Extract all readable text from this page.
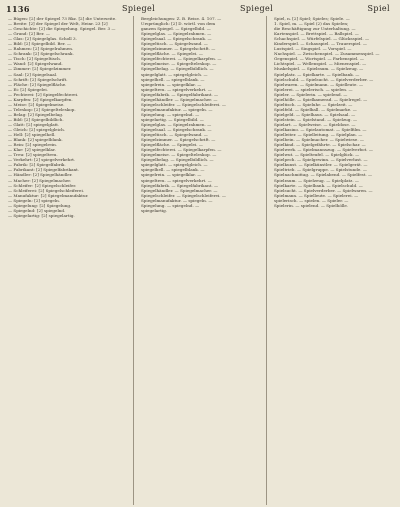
1136	Spiegel	Spiegel	Spiel

— Bügen: [2] der Spiegel 73 Rkz. [2] die Unterseite.

— Breite: [2] der Spiegel der Welt, Heinr. 23 [2]

— Geschichte: [2] die Spiegelung. Spiegel. Ber. 3 —

— Grund: [2] Ber. —

— Glas: [2] Spiegelglas. Scholl 3.

— Bild: [2] Spiegelbild. Ber. —

— Rahmen: [2] Spiegelrahmen.

— Schrank: [2] Spiegelschrank.

— Tisch: [2] Spiegeltisch.

— Wand: [2] Spiegelwand.

— Zimmer: [2] Spiegelzimmer.

— Saal: [2] Spiegelsaal.

— Schrift: [2] Spiegelschrift.

— Fläche: [2] Spiegelfläche.

— Ei: [2] Spiegelei.

— Fechterei: [2] Spiegelfechterei.

— Karpfen: [2] Spiegelkarpfen.

— Meise: [2] Spiegelmeise.

— Teleskop: [2] Spiegelteleskop.

— Belag: [2] Spiegelbelag.

— Bild: [2] Spiegelbildlich.

— Glatt: [2] spiegelglatt.

— Gleich: [2] spiegelgleich.

— Hell: [2] spiegelhell.

— Blank: [2] spiegelblank.

— Rein: [2] spiegelrein.

— Klar: [2] spiegelklar.

— Treu: [2] spiegeltreu.

— Verkehrt: [2] spiegelverkehrt.

— Fabrik: [2] Spiegelfabrik.

— Fabrikant: [2] Spiegelfabrikant.

— Händler: [2] Spiegelhändler.

— Macher: [2] Spiegelmacher.

— Schleifer: [2] Spiegelschleifer.

— Schleiferei: [2] Spiegelschleiferei.

— Manufaktur: [2] Spiegelmanufaktur.

— Spiegeln: [2] spiegeln.

— Spiegelung: [2] Spiegelung.

— Spiegelnd: [2] spiegelnd.

— Spiegelartig: [2] spiegelartig.

Bergleichungen: Z. B. Reise. 4. 107. —

Ursprünglich: [2] D. wörtl. von dem

ganzen Spiegel. — Spiegelbild. —

Spiegelglas. — Spiegelrahmen. —

Spiegelsaal. — Spiegelschrank. —

Spiegeltisch. — Spiegelwand. —

Spiegelzimmer. — Spiegelschrift. —

Spiegelfläche. — Spiegelei. —

Spiegelfechterei. — Spiegelkarpfen. —

Spiegelmeise. — Spiegelteleskop. —

Spiegelbelag. — Spiegelbildlich. —

spiegelglatt. — spiegelgleich. —

spiegelhell. — spiegelblank. —

spiegelrein. — spiegelklar. —

spiegeltreu. — spiegelverkehrt. —

Spiegelfabrik. — Spiegelfabrikant. —

Spiegelhändler. — Spiegelmacher. —

Spiegelschleifer. — Spiegelschleiferei. —

Spiegelmanufaktur. — spiegeln. —

Spiegelung. — spiegelnd. —

spiegelartig. — Spiegelbild. —

Spiegelglas. — Spiegelrahmen. —

Spiegelsaal. — Spiegelschrank. —

Spiegeltisch. — Spiegelwand. —

Spiegelzimmer. — Spiegelschrift. —

Spiegelfläche. — Spiegelei. —

Spiegelfechterei. — Spiegelkarpfen. —

Spiegelmeise. — Spiegelteleskop. —

Spiegelbelag. — Spiegelbildlich. —

spiegelglatt. — spiegelgleich. —

spiegelhell. — spiegelblank. —

spiegelrein. — spiegelklar. —

spiegeltreu. — spiegelverkehrt. —

Spiegelfabrik. — Spiegelfabrikant. —

Spiegelhändler. — Spiegelmacher. —

Spiegelschleifer. — Spiegelschleiferei. —

Spiegelmanufaktur. — spiegeln. —

Spiegelung. — spiegelnd. —

spiegelartig.

Spiel, n. [2] Spiel; Spieles; Spiele. —

1. Spiel, m. — Spiel (2) das Spielen;

die Beschäftigung zur Unterhaltung. —

Kartenspiel. — Brettspiel. — Ballspiel. —

Schachspiel. — Würfelspiel. — Glücksspiel. —

Kinderspiel. — Schauspiel. — Trauerspiel. —

Lustspiel. — Singspiel. — Vorspiel. —

Nachspiel. — Zwischenspiel. — Zusammenspiel. —

Gegenspiel. — Wortspiel. — Farbenspiel. —

Lichtspiel. — Wellenspiel. — Mienenspiel. —

Muskelspiel. — Spielraum. — Spielzeug. —

Spielplatz. — Spielkarte. — Spielbank. —

Spielschuld. — Spielsucht. — Spielverderber. —

Spielwaren. — Spielmann. — Spielleute. —

Spielerei. — spielerisch. — spielen. —

Spieler. — Spielerin. — spielend. —

Spielhölle. — Spielkamerad. — Spielregel. —

Spieltisch. — Spieluhr. — Spielzeit. —

Spielfeld. — Spielball. — Spielmarke. —

Spielgeld. — Spielhaus. — Spielsaal. —

Spielstein. — Spielstand. — Spielzug. —

Spielart. — Spielweise. — Spieldose. —

Spielkasino. — Spielautomat. — Spielfilm. —

Spielleiter. — Spielleitung. — Spielplan. —

Spielbein. — Spielmacher. — Spielwiese. —

Spielkind. — Spielgefährte. — Spielschar. —

Spielwerk. — Spielmannszug. — Spielverbot. —

Spielwut. — Spielteufel. — Spielglück. —

Spielpech. — Spielgewinn. — Spielverlust. —

Spielkunst. — Spielkünstler. — Spielgerät. —

Spieltrieb. — Spielgruppe. — Spielstunde. —

Spielnachmittag. — Spielabend. — Spielfest. —

Spielraum. — Spielzeug. — Spielplatz. —

Spielkarte. — Spielbank. — Spielschuld. —

Spielsucht. — Spielverderber. — Spielwaren. —

Spielmann. — Spielleute. — Spielerei. —

spielerisch. — spielen. — Spieler. —

Spielerin. — spielend. — Spielhölle.
